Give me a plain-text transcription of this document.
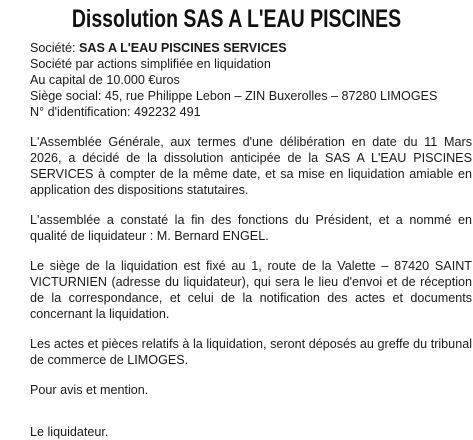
Dissolution SAS A L'EAU PISCINES
Société: SAS A L'EAU PISCINES SERVICES
Société par actions simplifiée en liquidation
Au capital de 10.000 €uros
Siège social: 45, rue Philippe Lebon – ZIN Buxerolles – 87280 LIMOGES
N° d'identification: 492232 491

L'Assemblée Générale, aux termes d'une délibération en date du 11 Mars 2026, a décidé de la dissolution anticipée de la SAS A L'EAU PISCINES SERVICES à compter de la même date, et sa mise en liquidation amiable en application des dispositions statutaires.

L'assemblée a constaté la fin des fonctions du Président, et a nommé en qualité de liquidateur : M. Bernard ENGEL.

Le siège de la liquidation est fixé au 1, route de la Valette – 87420 SAINT VICTURNIEN (adresse du liquidateur), qui sera le lieu d'envoi et de réception de la correspondance, et celui de la notification des actes et documents concernant la liquidation.

Les actes et pièces relatifs à la liquidation, seront déposés au greffe du tribunal de commerce de LIMOGES.

Pour avis et mention.

Le liquidateur.
